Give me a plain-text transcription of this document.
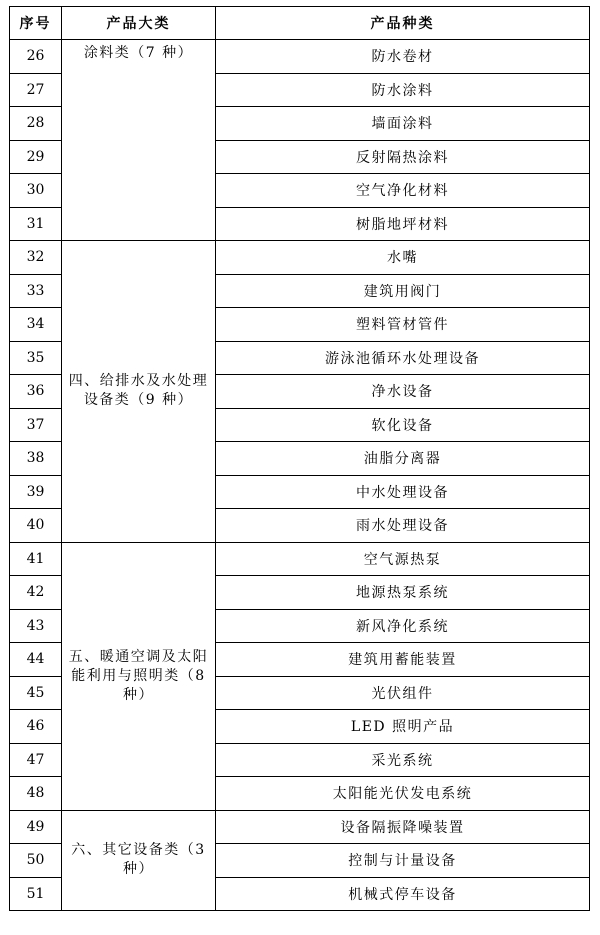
序号	产品大类	产品种类
26	涂料类（7 种）	防水卷材
27		防水涂料
28		墙面涂料
29		反射隔热涂料
30		空气净化材料
31		树脂地坪材料
32	四、给排水及水处理设备类（9 种）	水嘴
33		建筑用阀门
34		塑料管材管件
35		游泳池循环水处理设备
36		净水设备
37		软化设备
38		油脂分离器
39		中水处理设备
40		雨水处理设备
41	五、暖通空调及太阳能利用与照明类（8 种）	空气源热泵
42		地源热泵系统
43		新风净化系统
44		建筑用蓄能装置
45		光伏组件
46		LED 照明产品
47		采光系统
48		太阳能光伏发电系统
49	六、其它设备类（3 种）	设备隔振降噪装置
50		控制与计量设备
51		机械式停车设备
